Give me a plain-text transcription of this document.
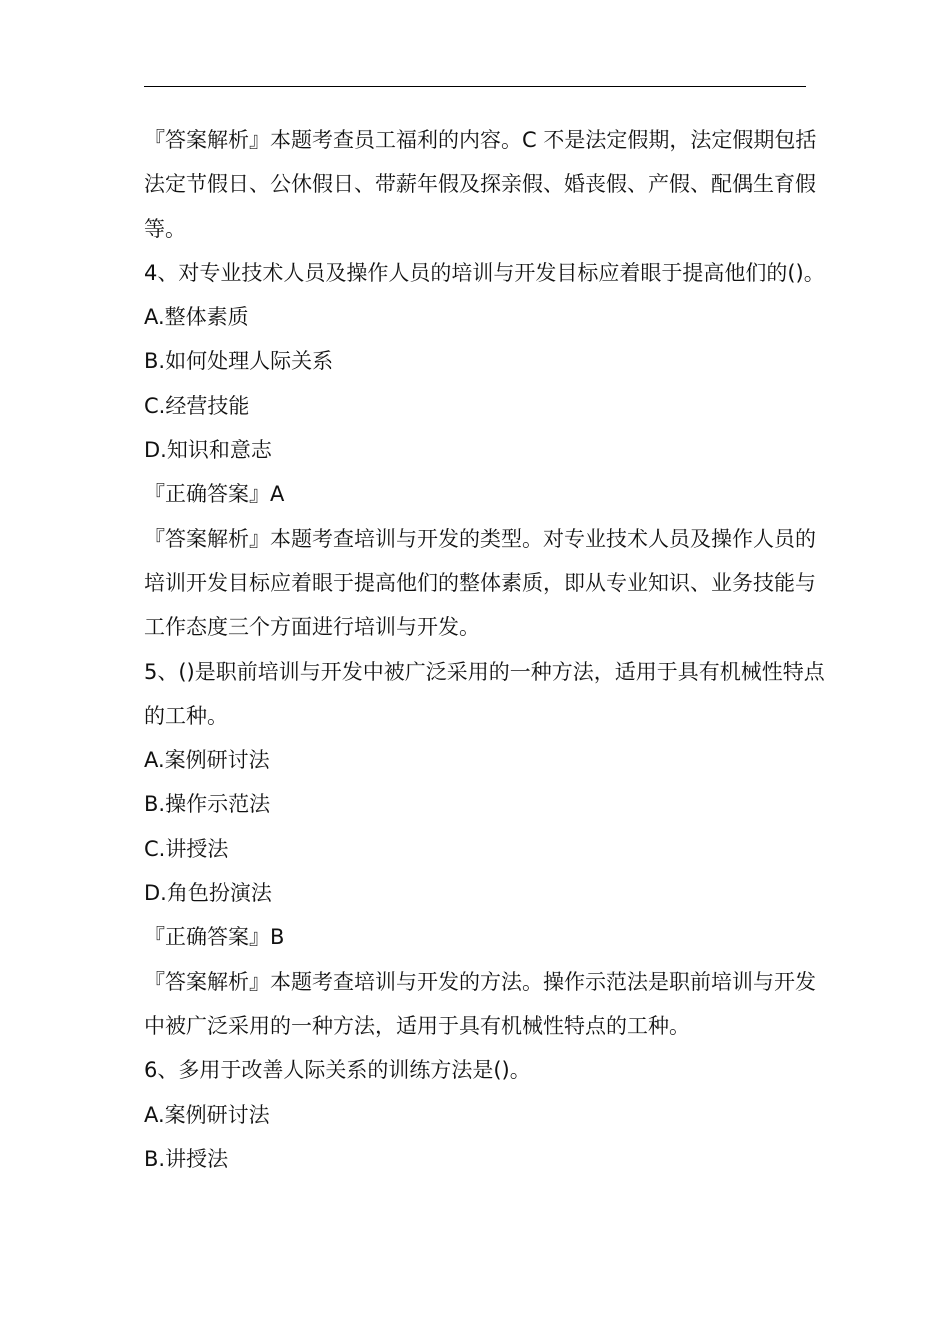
『答案解析』本题考查员工福利的内容。C 不是法定假期，法定假期包括法定节假日、公休假日、带薪年假及探亲假、婚丧假、产假、配偶生育假等。

4、对专业技术人员及操作人员的培训与开发目标应着眼于提高他们的()。

A.整体素质

B.如何处理人际关系

C.经营技能

D.知识和意志

『正确答案』A

『答案解析』本题考查培训与开发的类型。对专业技术人员及操作人员的培训开发目标应着眼于提高他们的整体素质，即从专业知识、业务技能与工作态度三个方面进行培训与开发。

5、()是职前培训与开发中被广泛采用的一种方法，适用于具有机械性特点的工种。

A.案例研讨法

B.操作示范法

C.讲授法

D.角色扮演法

『正确答案』B

『答案解析』本题考查培训与开发的方法。操作示范法是职前培训与开发中被广泛采用的一种方法，适用于具有机械性特点的工种。

6、多用于改善人际关系的训练方法是()。

A.案例研讨法

B.讲授法
